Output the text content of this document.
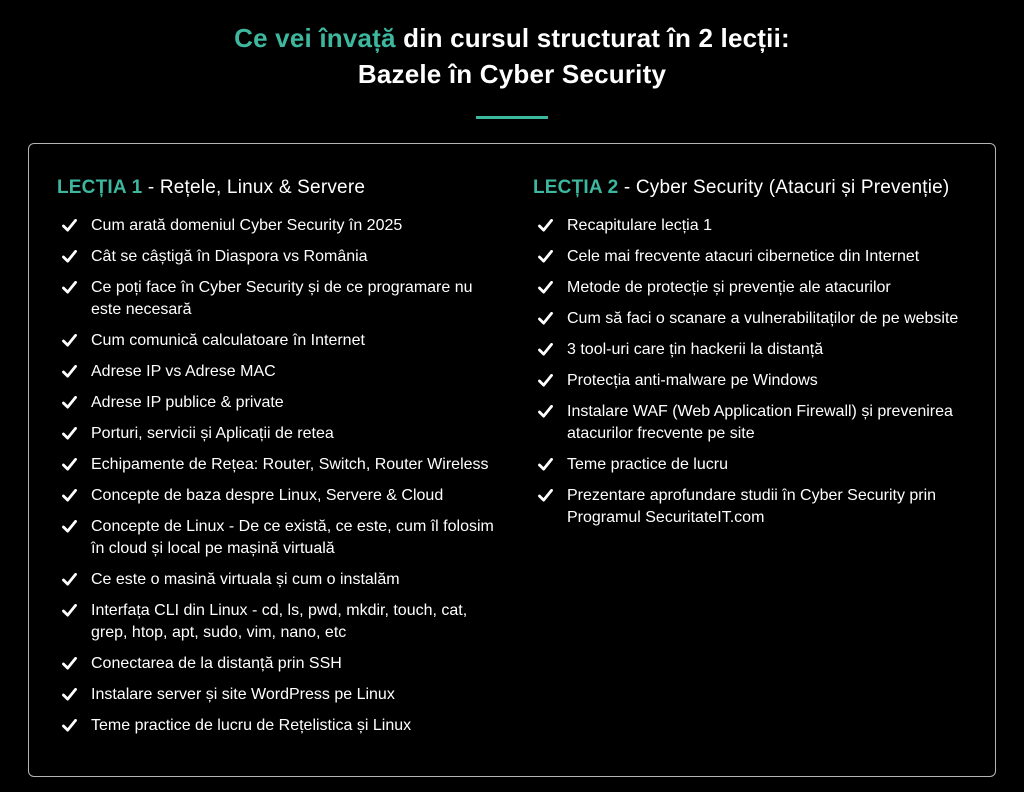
Ce vei învață din cursul structurat în 2 lecții:
Bazele în Cyber Security
LECȚIA 1 - Rețele, Linux & Servere
Cum arată domeniul Cyber Security în 2025
Cât se câștigă în Diaspora vs România
Ce poți face în Cyber Security și de ce programare nu este necesară
Cum comunică calculatoare în Internet
Adrese IP vs Adrese MAC
Adrese IP publice & private
Porturi, servicii și Aplicații de retea
Echipamente de Rețea: Router, Switch, Router Wireless
Concepte de baza despre Linux, Servere & Cloud
Concepte de Linux - De ce există, ce este, cum îl folosim în cloud și local pe mașină virtuală
Ce este o masină virtuala și cum o instalăm
Interfața CLI din Linux - cd, ls, pwd, mkdir, touch, cat, grep, htop, apt, sudo, vim, nano, etc
Conectarea de la distanță prin SSH
Instalare server și site WordPress pe Linux
Teme practice de lucru de Rețelistica și Linux
LECȚIA 2 - Cyber Security (Atacuri și Prevenție)
Recapitulare lecția 1
Cele mai frecvente atacuri cibernetice din Internet
Metode de protecție și prevenție ale atacurilor
Cum să faci o scanare a vulnerabilitaților de pe website
3 tool-uri care țin hackerii la distanță
Protecția anti-malware pe Windows
Instalare WAF (Web Application Firewall) și prevenirea atacurilor frecvente pe site
Teme practice de lucru
Prezentare aprofundare studii în Cyber Security prin Programul SecuritateIT.com
